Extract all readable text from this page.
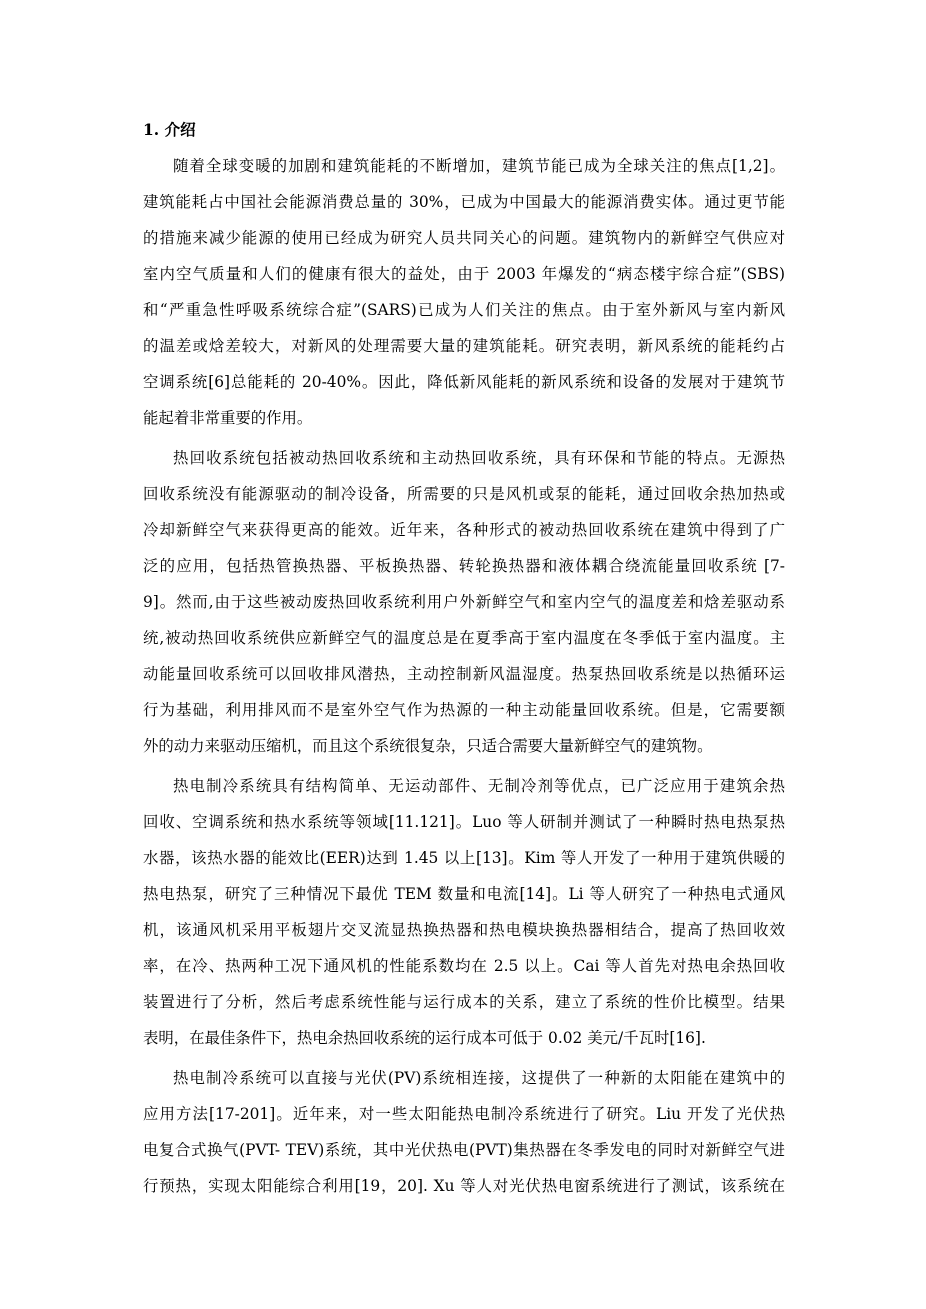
1. 介绍
随着全球变暖的加剧和建筑能耗的不断增加，建筑节能已成为全球关注的焦点[1,2]。
建筑能耗占中国社会能源消费总量的 30%，已成为中国最大的能源消费实体。通过更节能
的措施来减少能源的使用已经成为研究人员共同关心的问题。建筑物内的新鲜空气供应对
室内空气质量和人们的健康有很大的益处，由于 2003 年爆发的“病态楼宇综合症”(SBS)
和“严重急性呼吸系统综合症”(SARS)已成为人们关注的焦点。由于室外新风与室内新风
的温差或焓差较大，对新风的处理需要大量的建筑能耗。研究表明，新风系统的能耗约占
空调系统[6]总能耗的 20-40%。因此，降低新风能耗的新风系统和设备的发展对于建筑节
能起着非常重要的作用。
热回收系统包括被动热回收系统和主动热回收系统，具有环保和节能的特点。无源热
回收系统没有能源驱动的制冷设备，所需要的只是风机或泵的能耗，通过回收余热加热或
冷却新鲜空气来获得更高的能效。近年来，各种形式的被动热回收系统在建筑中得到了广
泛的应用，包括热管换热器、平板换热器、转轮换热器和液体耦合绕流能量回收系统 [7-
9]。然而,由于这些被动废热回收系统利用户外新鲜空气和室内空气的温度差和焓差驱动系
统,被动热回收系统供应新鲜空气的温度总是在夏季高于室内温度在冬季低于室内温度。主
动能量回收系统可以回收排风潜热，主动控制新风温湿度。热泵热回收系统是以热循环运
行为基础，利用排风而不是室外空气作为热源的一种主动能量回收系统。但是，它需要额
外的动力来驱动压缩机，而且这个系统很复杂，只适合需要大量新鲜空气的建筑物。
热电制冷系统具有结构简单、无运动部件、无制冷剂等优点，已广泛应用于建筑余热
回收、空调系统和热水系统等领域[11.121]。Luo 等人研制并测试了一种瞬时热电热泵热
水器，该热水器的能效比(EER)达到 1.45 以上[13]。Kim 等人开发了一种用于建筑供暖的
热电热泵，研究了三种情况下最优 TEM 数量和电流[14]。Li 等人研究了一种热电式通风
机，该通风机采用平板翅片交叉流显热换热器和热电模块换热器相结合，提高了热回收效
率，在冷、热两种工况下通风机的性能系数均在 2.5 以上。Cai 等人首先对热电余热回收
装置进行了分析，然后考虑系统性能与运行成本的关系，建立了系统的性价比模型。结果
表明，在最佳条件下，热电余热回收系统的运行成本可低于 0.02 美元/千瓦时[16].
热电制冷系统可以直接与光伏(PV)系统相连接，这提供了一种新的太阳能在建筑中的
应用方法[17-201]。近年来，对一些太阳能热电制冷系统进行了研究。Liu 开发了光伏热
电复合式换气(PVT- TEV)系统，其中光伏热电(PVT)集热器在冬季发电的同时对新鲜空气进
行预热，实现太阳能综合利用[19，20]. Xu 等人对光伏热电窗系统进行了测试，该系统在
